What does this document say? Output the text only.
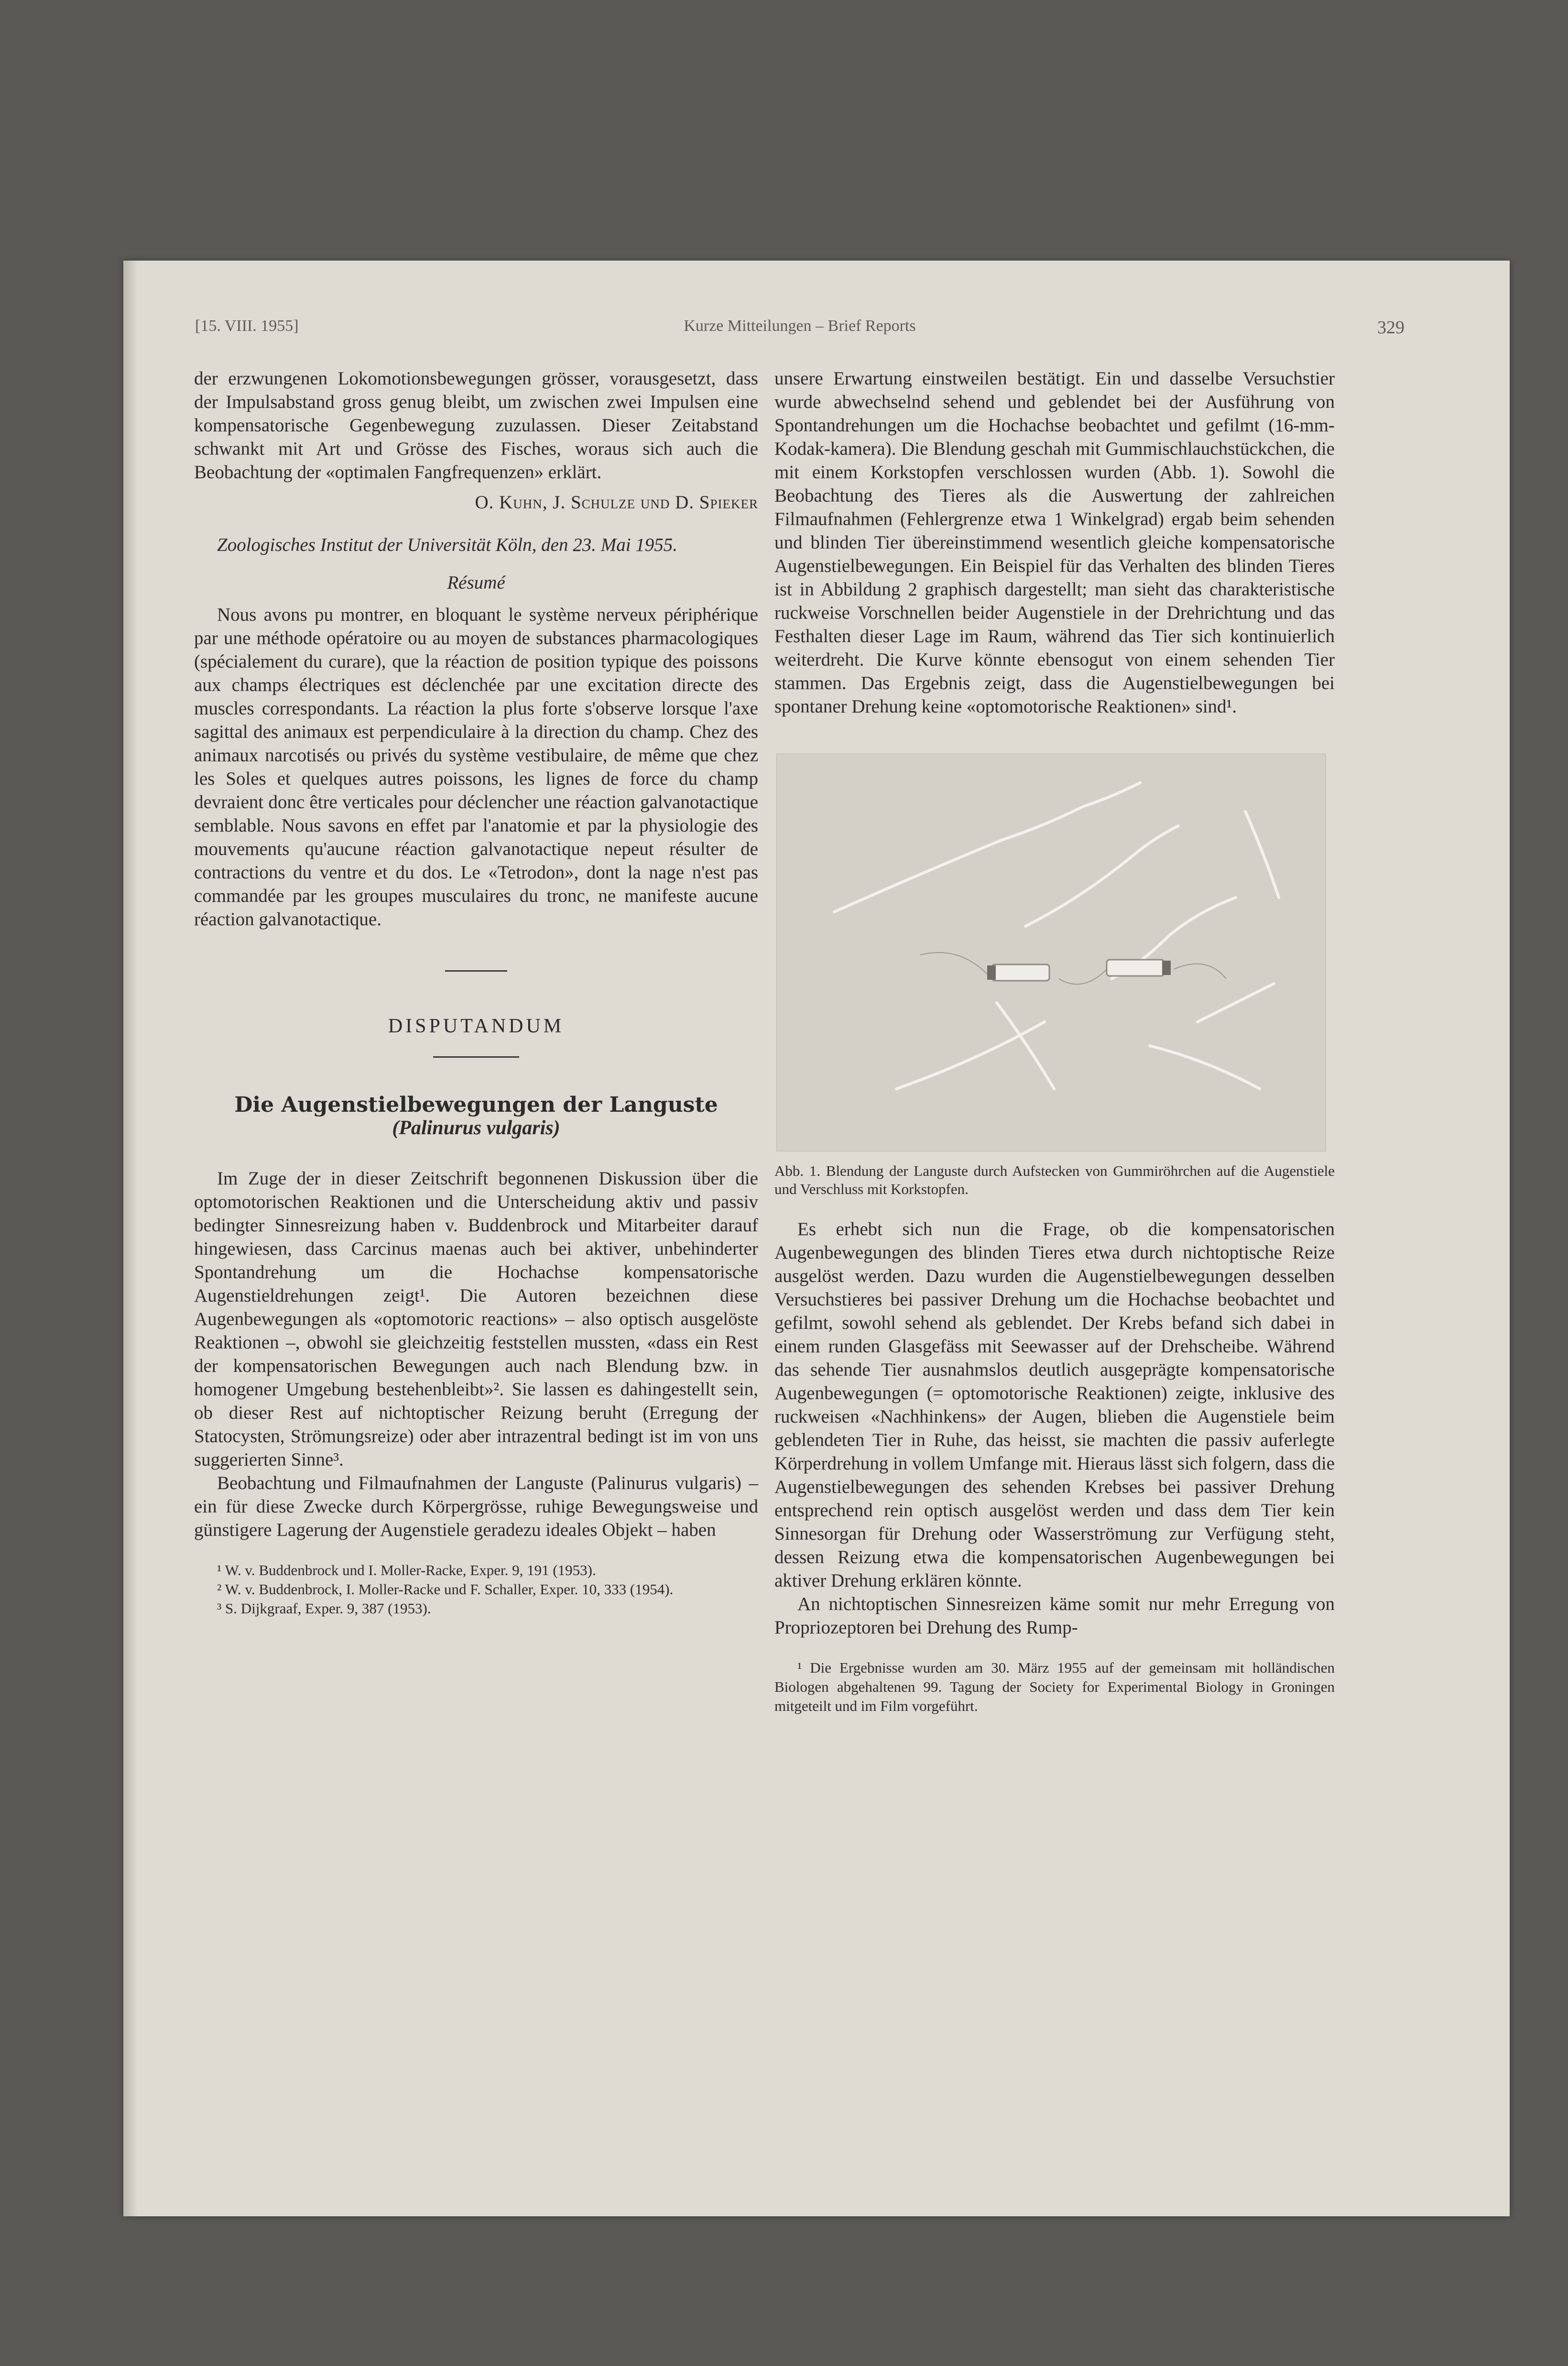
[15. VIII. 1955]	Kurze Mitteilungen – Brief Reports	329

der erzwungenen Lokomotionsbewegungen grösser, vorausgesetzt, dass der Impulsabstand gross genug bleibt, um zwischen zwei Impulsen eine kompensatorische Gegenbewegung zuzulassen. Dieser Zeitabstand schwankt mit Art und Grösse des Fisches, woraus sich auch die Beobachtung der «optimalen Fangfrequenzen» erklärt.

O. Kuhn, J. Schulze und D. Spieker

Zoologisches Institut der Universität Köln, den 23. Mai 1955.

Résumé

Nous avons pu montrer, en bloquant le système nerveux périphérique par une méthode opératoire ou au moyen de substances pharmacologiques (spécialement du curare), que la réaction de position typique des poissons aux champs électriques est déclenchée par une excitation directe des muscles correspondants. La réaction la plus forte s'observe lorsque l'axe sagittal des animaux est perpendiculaire à la direction du champ. Chez des animaux narcotisés ou privés du système vestibulaire, de même que chez les Soles et quelques autres poissons, les lignes de force du champ devraient donc être verticales pour déclencher une réaction galvanotactique semblable. Nous savons en effet par l'anatomie et par la physiologie des mouvements qu'aucune réaction galvanotactique nepeut résulter de contractions du ventre et du dos. Le «Tetrodon», dont la nage n'est pas commandée par les groupes musculaires du tronc, ne manifeste aucune réaction galvanotactique.

DISPUTANDUM

Die Augenstielbewegungen der Languste

(Palinurus vulgaris)

Im Zuge der in dieser Zeitschrift begonnenen Diskussion über die optomotorischen Reaktionen und die Unterscheidung aktiv und passiv bedingter Sinnesreizung haben v. Buddenbrock und Mitarbeiter darauf hingewiesen, dass Carcinus maenas auch bei aktiver, unbehinderter Spontandrehung um die Hochachse kompensatorische Augenstieldrehungen zeigt¹. Die Autoren bezeichnen diese Augenbewegungen als «optomotoric reactions» – also optisch ausgelöste Reaktionen –, obwohl sie gleichzeitig feststellen mussten, «dass ein Rest der kompensatorischen Bewegungen auch nach Blendung bzw. in homogener Umgebung bestehenbleibt»². Sie lassen es dahingestellt sein, ob dieser Rest auf nichtoptischer Reizung beruht (Erregung der Statocysten, Strömungsreize) oder aber intrazentral bedingt ist im von uns suggerierten Sinne³.

Beobachtung und Filmaufnahmen der Languste (Palinurus vulgaris) – ein für diese Zwecke durch Körpergrösse, ruhige Bewegungsweise und günstigere Lagerung der Augenstiele geradezu ideales Objekt – haben

¹ W. v. Buddenbrock und I. Moller-Racke, Exper. 9, 191 (1953).

² W. v. Buddenbrock, I. Moller-Racke und F. Schaller, Exper. 10, 333 (1954).

³ S. Dijkgraaf, Exper. 9, 387 (1953).

unsere Erwartung einstweilen bestätigt. Ein und dasselbe Versuchstier wurde abwechselnd sehend und geblendet bei der Ausführung von Spontandrehungen um die Hochachse beobachtet und gefilmt (16-mm-Kodak-kamera). Die Blendung geschah mit Gummischlauchstückchen, die mit einem Korkstopfen verschlossen wurden (Abb. 1). Sowohl die Beobachtung des Tieres als die Auswertung der zahlreichen Filmaufnahmen (Fehlergrenze etwa 1 Winkelgrad) ergab beim sehenden und blinden Tier übereinstimmend wesentlich gleiche kompensatorische Augenstielbewegungen. Ein Beispiel für das Verhalten des blinden Tieres ist in Abbildung 2 graphisch dargestellt; man sieht das charakteristische ruckweise Vorschnellen beider Augenstiele in der Drehrichtung und das Festhalten dieser Lage im Raum, während das Tier sich kontinuierlich weiterdreht. Die Kurve könnte ebensogut von einem sehenden Tier stammen. Das Ergebnis zeigt, dass die Augenstielbewegungen bei spontaner Drehung keine «optomotorische Reaktionen» sind¹.

Abb. 1. Blendung der Languste durch Aufstecken von Gummiröhrchen auf die Augenstiele und Verschluss mit Korkstopfen.

Es erhebt sich nun die Frage, ob die kompensatorischen Augenbewegungen des blinden Tieres etwa durch nichtoptische Reize ausgelöst werden. Dazu wurden die Augenstielbewegungen desselben Versuchstieres bei passiver Drehung um die Hochachse beobachtet und gefilmt, sowohl sehend als geblendet. Der Krebs befand sich dabei in einem runden Glasgefäss mit Seewasser auf der Drehscheibe. Während das sehende Tier ausnahmslos deutlich ausgeprägte kompensatorische Augenbewegungen (= optomotorische Reaktionen) zeigte, inklusive des ruckweisen «Nachhinkens» der Augen, blieben die Augenstiele beim geblendeten Tier in Ruhe, das heisst, sie machten die passiv auferlegte Körperdrehung in vollem Umfange mit. Hieraus lässt sich folgern, dass die Augenstielbewegungen des sehenden Krebses bei passiver Drehung entsprechend rein optisch ausgelöst werden und dass dem Tier kein Sinnesorgan für Drehung oder Wasserströmung zur Verfügung steht, dessen Reizung etwa die kompensatorischen Augenbewegungen bei aktiver Drehung erklären könnte.

An nichtoptischen Sinnesreizen käme somit nur mehr Erregung von Propriozeptoren bei Drehung des Rump-

¹ Die Ergebnisse wurden am 30. März 1955 auf der gemeinsam mit holländischen Biologen abgehaltenen 99. Tagung der Society for Experimental Biology in Groningen mitgeteilt und im Film vorgeführt.
